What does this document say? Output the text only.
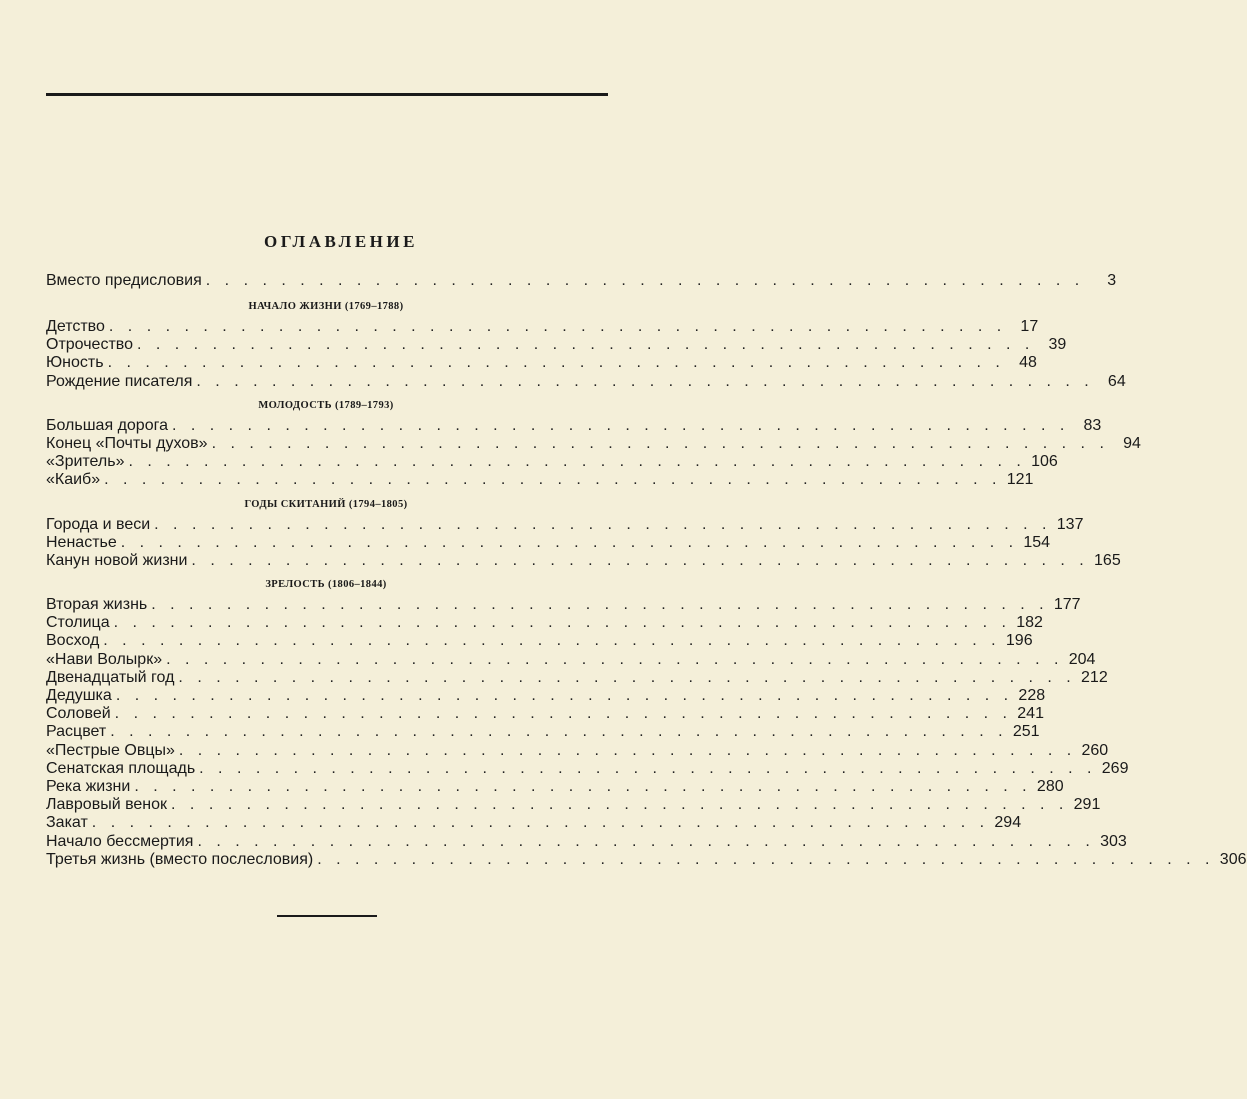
ОГЛАВЛЕНИЕ
Вместо предисловия . . . . . . . . . . . . . . . . . . . . . . . . . . . . . . . . . . . . . . . . . . . . . . .	3
НАЧАЛО ЖИЗНИ (1769–1788)
Детство . . . . . . . . . . . . . . . . . . . . . . . . . . . . . . . . . . . . . . . . . . . . . . . . 17
Отрочество . . . . . . . . . . . . . . . . . . . . . . . . . . . . . . . . . . . . . . . . . . . . . . . . 39
Юность . . . . . . . . . . . . . . . . . . . . . . . . . . . . . . . . . . . . . . . . . . . . . . . . 48
Рождение писателя . . . . . . . . . . . . . . . . . . . . . . . . . . . . . . . . . . . . . . . . . . . . . . . . 64
МОЛОДОСТЬ (1789–1793)
Большая дорога . . . . . . . . . . . . . . . . . . . . . . . . . . . . . . . . . . . . . . . . . . . . . . . . 83
Конец «Почты духов» . . . . . . . . . . . . . . . . . . . . . . . . . . . . . . . . . . . . . . . . . . . . . . . . 94
«Зритель» . . . . . . . . . . . . . . . . . . . . . . . . . . . . . . . . . . . . . . . . . . . . . . . . 106
«Каиб» . . . . . . . . . . . . . . . . . . . . . . . . . . . . . . . . . . . . . . . . . . . . . . . . 121
ГОДЫ СКИТАНИЙ (1794–1805)
Города и веси . . . . . . . . . . . . . . . . . . . . . . . . . . . . . . . . . . . . . . . . . . . . . . . . 137
Ненастье . . . . . . . . . . . . . . . . . . . . . . . . . . . . . . . . . . . . . . . . . . . . . . . . 154
Канун новой жизни . . . . . . . . . . . . . . . . . . . . . . . . . . . . . . . . . . . . . . . . . . . . . . . . 165
ЗРЕЛОСТЬ (1806–1844)
Вторая жизнь . . . . . . . . . . . . . . . . . . . . . . . . . . . . . . . . . . . . . . . . . . . . . . . . 177
Столица . . . . . . . . . . . . . . . . . . . . . . . . . . . . . . . . . . . . . . . . . . . . . . . . 182
Восход . . . . . . . . . . . . . . . . . . . . . . . . . . . . . . . . . . . . . . . . . . . . . . . . 196
«Нави Волырк» . . . . . . . . . . . . . . . . . . . . . . . . . . . . . . . . . . . . . . . . . . . . . . . . 204
Двенадцатый год . . . . . . . . . . . . . . . . . . . . . . . . . . . . . . . . . . . . . . . . . . . . . . . . 212
Дедушка . . . . . . . . . . . . . . . . . . . . . . . . . . . . . . . . . . . . . . . . . . . . . . . . 228
Соловей . . . . . . . . . . . . . . . . . . . . . . . . . . . . . . . . . . . . . . . . . . . . . . . . 241
Расцвет . . . . . . . . . . . . . . . . . . . . . . . . . . . . . . . . . . . . . . . . . . . . . . . . 251
«Пестрые Овцы» . . . . . . . . . . . . . . . . . . . . . . . . . . . . . . . . . . . . . . . . . . . . . . . . 260
Сенатская площадь . . . . . . . . . . . . . . . . . . . . . . . . . . . . . . . . . . . . . . . . . . . . . . . . 269
Река жизни . . . . . . . . . . . . . . . . . . . . . . . . . . . . . . . . . . . . . . . . . . . . . . . . 280
Лавровый венок . . . . . . . . . . . . . . . . . . . . . . . . . . . . . . . . . . . . . . . . . . . . . . . . 291
Закат . . . . . . . . . . . . . . . . . . . . . . . . . . . . . . . . . . . . . . . . . . . . . . . . 294
Начало бессмертия . . . . . . . . . . . . . . . . . . . . . . . . . . . . . . . . . . . . . . . . . . . . . . . . 303
Третья жизнь (вместо послесловия) . . . . . . . . . . . . . . . . . . . . . . . . . . . . . . . . . . . . . . . . . . . . . . . . 306
